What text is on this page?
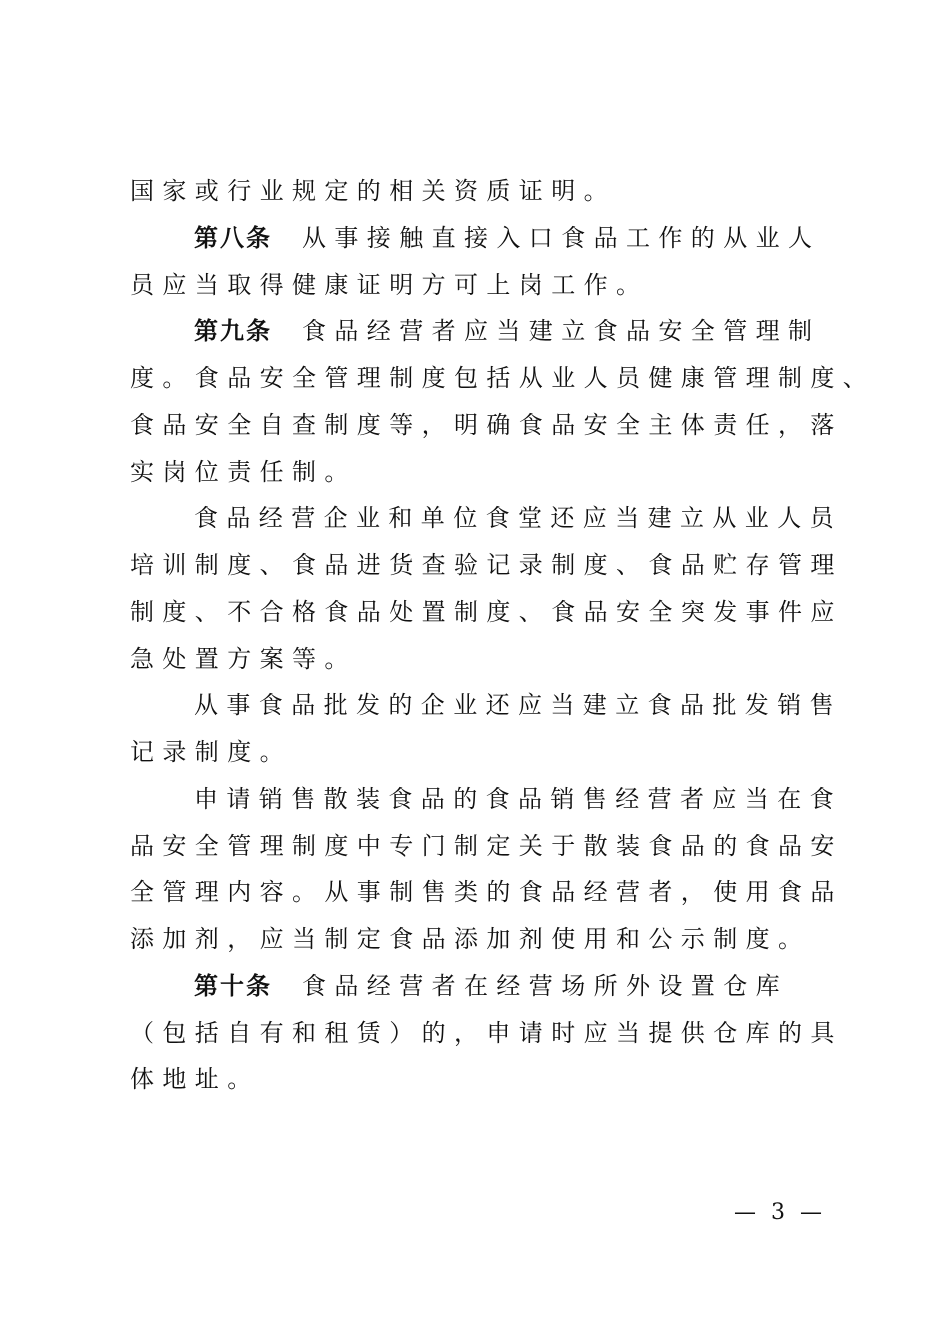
国家或行业规定的相关资质证明。
第八条 从事接触直接入口食品工作的从业人
员应当取得健康证明方可上岗工作。
第九条 食品经营者应当建立食品安全管理制
度。食品安全管理制度包括从业人员健康管理制度、
食品安全自查制度等，明确食品安全主体责任，落
实岗位责任制。
食品经营企业和单位食堂还应当建立从业人员
培训制度、食品进货查验记录制度、食品贮存管理
制度、不合格食品处置制度、食品安全突发事件应
急处置方案等。
从事食品批发的企业还应当建立食品批发销售
记录制度。
申请销售散装食品的食品销售经营者应当在食
品安全管理制度中专门制定关于散装食品的食品安
全管理内容。从事制售类的食品经营者，使用食品
添加剂，应当制定食品添加剂使用和公示制度。
第十条 食品经营者在经营场所外设置仓库
（包括自有和租赁）的，申请时应当提供仓库的具
体地址。
— 3 —
